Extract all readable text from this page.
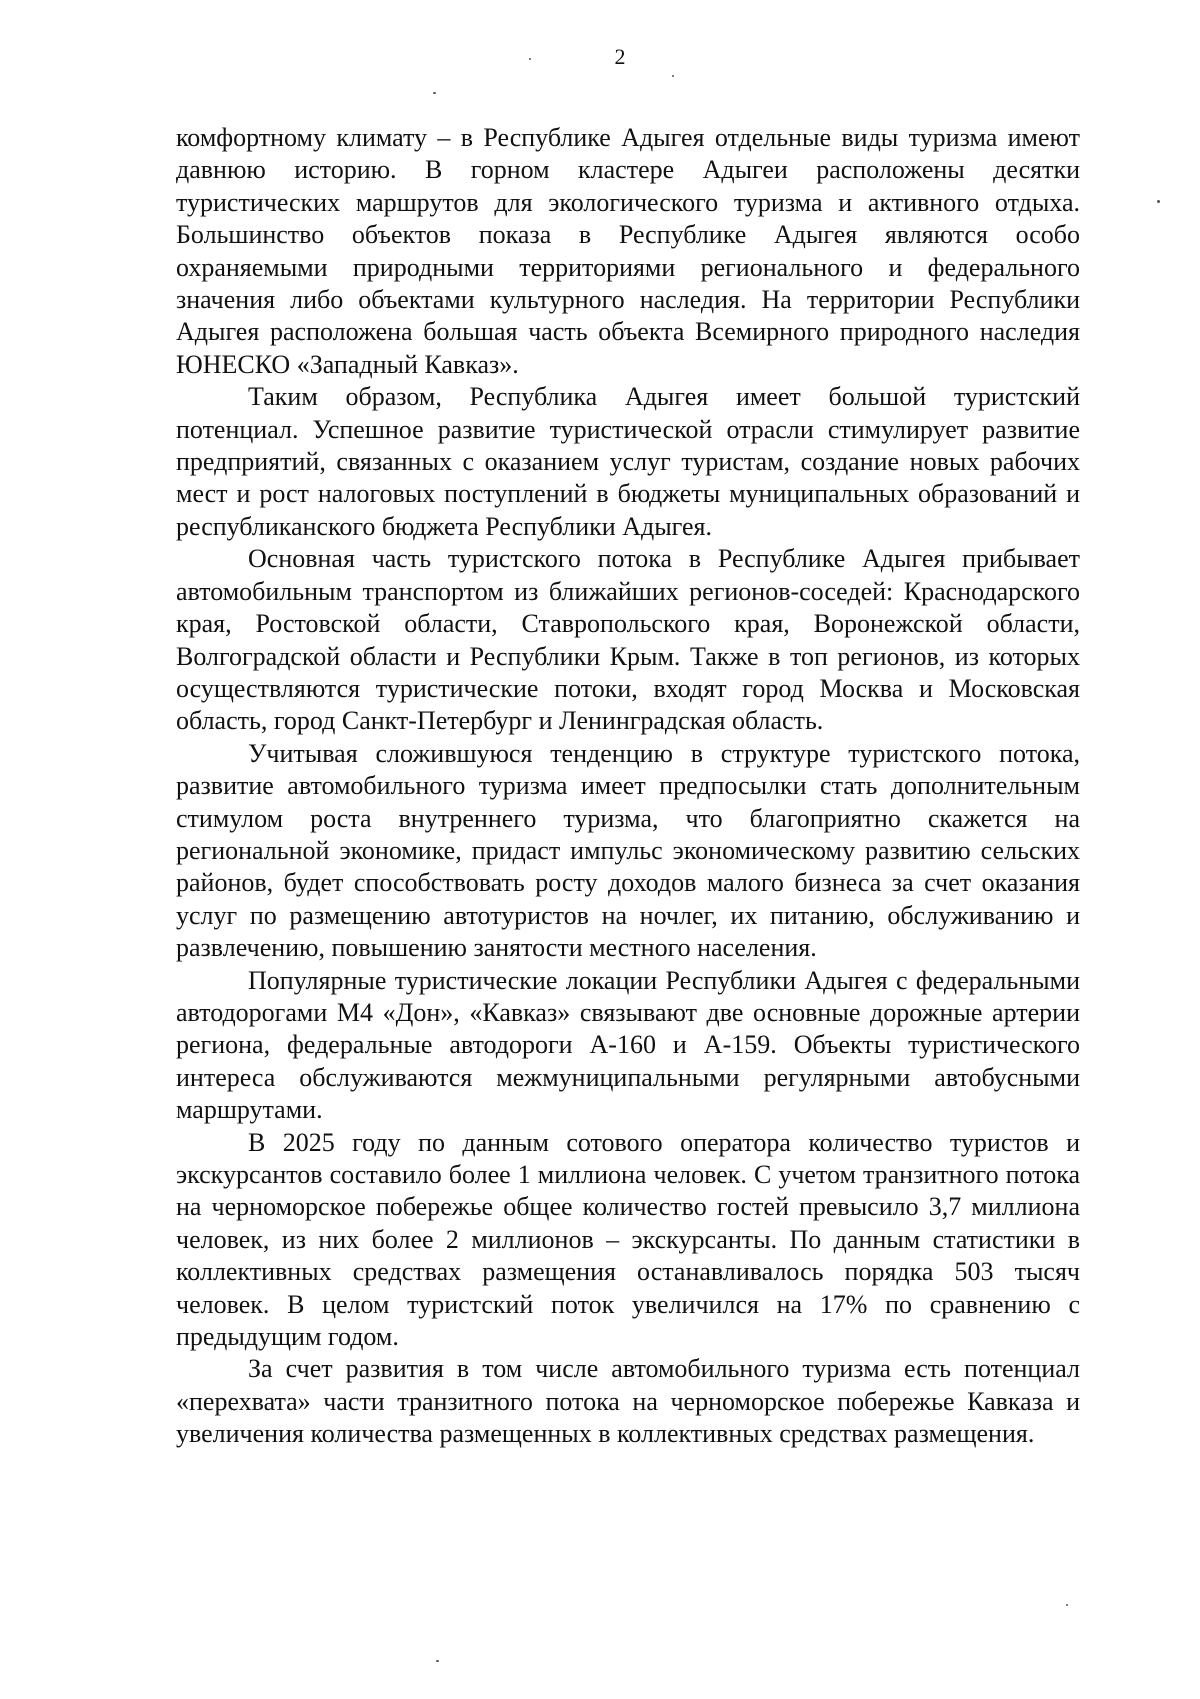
2

комфортному климату – в Республике Адыгея отдельные виды туризма имеют давнюю историю. В горном кластере Адыгеи расположены десятки туристических маршрутов для экологического туризма и активного отдыха. Большинство объектов показа в Республике Адыгея являются особо охраняемыми природными территориями регионального и федерального значения либо объектами культурного наследия. На территории Республики Адыгея расположена большая часть объекта Всемирного природного наследия ЮНЕСКО «Западный Кавказ».

Таким образом, Республика Адыгея имеет большой туристский потенциал. Успешное развитие туристической отрасли стимулирует развитие предприятий, связанных с оказанием услуг туристам, создание новых рабочих мест и рост налоговых поступлений в бюджеты муниципальных образований и республиканского бюджета Республики Адыгея.

Основная часть туристского потока в Республике Адыгея прибывает автомобильным транспортом из ближайших регионов-соседей: Краснодарского края, Ростовской области, Ставропольского края, Воронежской области, Волгоградской области и Республики Крым. Также в топ регионов, из которых осуществляются туристические потоки, входят город Москва и Московская область, город Санкт-Петербург и Ленинградская область.

Учитывая сложившуюся тенденцию в структуре туристского потока, развитие автомобильного туризма имеет предпосылки стать дополнительным стимулом роста внутреннего туризма, что благоприятно скажется на региональной экономике, придаст импульс экономическому развитию сельских районов, будет способствовать росту доходов малого бизнеса за счет оказания услуг по размещению автотуристов на ночлег, их питанию, обслуживанию и развлечению, повышению занятости местного населения.

Популярные туристические локации Республики Адыгея с федеральными автодорогами М4 «Дон», «Кавказ» связывают две основные дорожные артерии региона, федеральные автодороги А-160 и А-159. Объекты туристического интереса обслуживаются межмуниципальными регулярными автобусными маршрутами.

В 2025 году по данным сотового оператора количество туристов и экскурсантов составило более 1 миллиона человек. С учетом транзитного потока на черноморское побережье общее количество гостей превысило 3,7 миллиона человек, из них более 2 миллионов – экскурсанты. По данным статистики в коллективных средствах размещения останавливалось порядка 503 тысяч человек. В целом туристский поток увеличился на 17% по сравнению с предыдущим годом.

За счет развития в том числе автомобильного туризма есть потенциал «перехвата» части транзитного потока на черноморское побережье Кавказа и увеличения количества размещенных в коллективных средствах размещения.
